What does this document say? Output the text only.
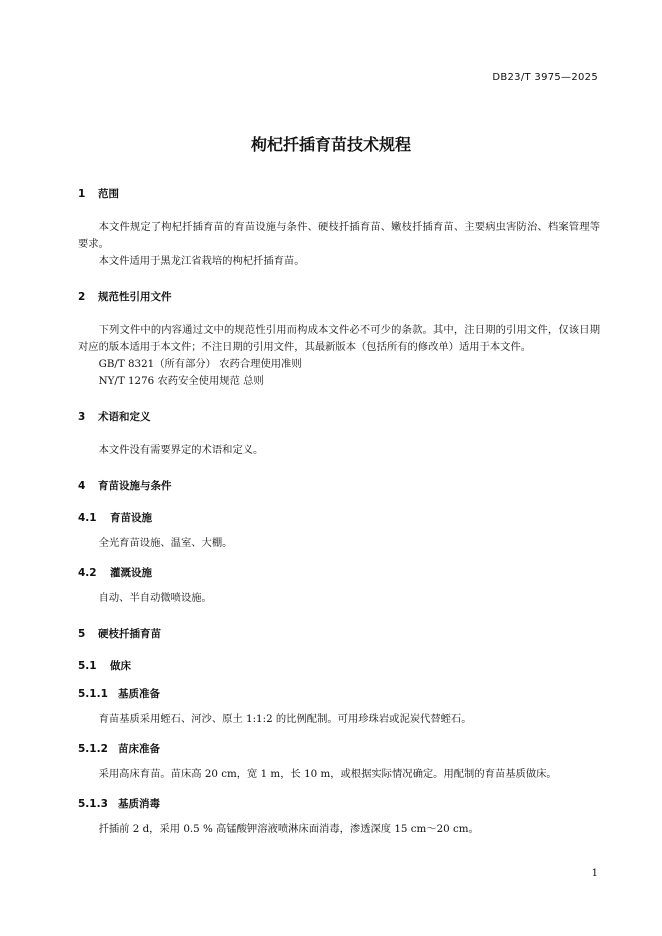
DB23/T 3975—2025
枸杞扦插育苗技术规程
1 范围

本文件规定了枸杞扦插育苗的育苗设施与条件、硬枝扦插育苗、嫩枝扦插育苗、主要病虫害防治、档案管理等要求。

本文件适用于黑龙江省栽培的枸杞扦插育苗。

2 规范性引用文件

下列文件中的内容通过文中的规范性引用而构成本文件必不可少的条款。其中，注日期的引用文件，仅该日期对应的版本适用于本文件；不注日期的引用文件，其最新版本（包括所有的修改单）适用于本文件。

GB/T 8321（所有部分） 农药合理使用准则

NY/T 1276 农药安全使用规范 总则

3 术语和定义

本文件没有需要界定的术语和定义。

4 育苗设施与条件
4.1 育苗设施

全光育苗设施、温室、大棚。

4.2 灌溉设施

自动、半自动微喷设施。

5 硬枝扦插育苗
5.1 做床
5.1.1 基质准备

育苗基质采用蛭石、河沙、原土 1:1:2 的比例配制。可用珍珠岩或泥炭代替蛭石。

5.1.2 苗床准备

采用高床育苗。苗床高 20 cm，宽 1 m，长 10 m，或根据实际情况确定。用配制的育苗基质做床。

5.1.3 基质消毒

扦插前 2 d，采用 0.5 % 高锰酸钾溶液喷淋床面消毒，渗透深度 15 cm～20 cm。

1
